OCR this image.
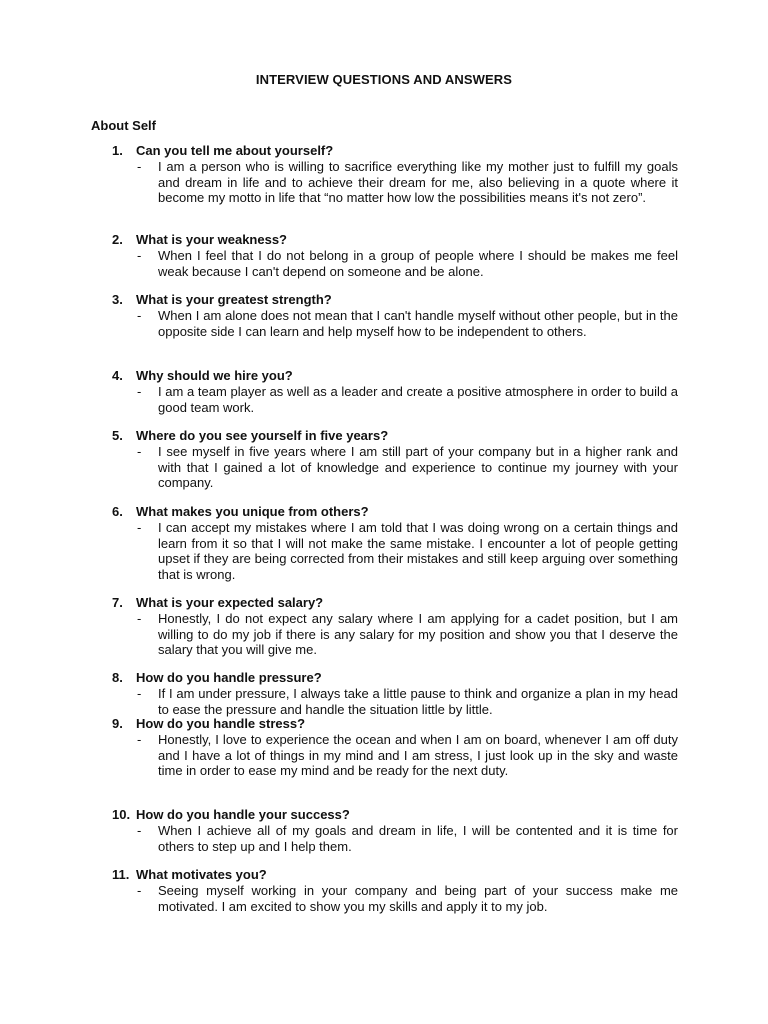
INTERVIEW QUESTIONS AND ANSWERS
About Self
1. Can you tell me about yourself?
- I am a person who is willing to sacrifice everything like my mother just to fulfill my goals and dream in life and to achieve their dream for me, also believing in a quote where it become my motto in life that “no matter how low the possibilities means it's not zero”.
2. What is your weakness?
- When I feel that I do not belong in a group of people where I should be makes me feel weak because I can't depend on someone and be alone.
3. What is your greatest strength?
- When I am alone does not mean that I can't handle myself without other people, but in the opposite side I can learn and help myself how to be independent to others.
4. Why should we hire you?
- I am a team player as well as a leader and create a positive atmosphere in order to build a good team work.
5. Where do you see yourself in five years?
- I see myself in five years where I am still part of your company but in a higher rank and with that I gained a lot of knowledge and experience to continue my journey with your company.
6. What makes you unique from others?
- I can accept my mistakes where I am told that I was doing wrong on a certain things and learn from it so that I will not make the same mistake. I encounter a lot of people getting upset if they are being corrected from their mistakes and still keep arguing over something that is wrong.
7. What is your expected salary?
- Honestly, I do not expect any salary where I am applying for a cadet position, but I am willing to do my job if there is any salary for my position and show you that I deserve the salary that you will give me.
8. How do you handle pressure?
- If I am under pressure, I always take a little pause to think and organize a plan in my head to ease the pressure and handle the situation little by little.
9. How do you handle stress?
- Honestly, I love to experience the ocean and when I am on board, whenever I am off duty and I have a lot of things in my mind and I am stress, I just look up in the sky and waste time in order to ease my mind and be ready for the next duty.
10. How do you handle your success?
- When I achieve all of my goals and dream in life, I will be contented and it is time for others to step up and I help them.
11. What motivates you?
- Seeing myself working in your company and being part of your success make me motivated. I am excited to show you my skills and apply it to my job.
